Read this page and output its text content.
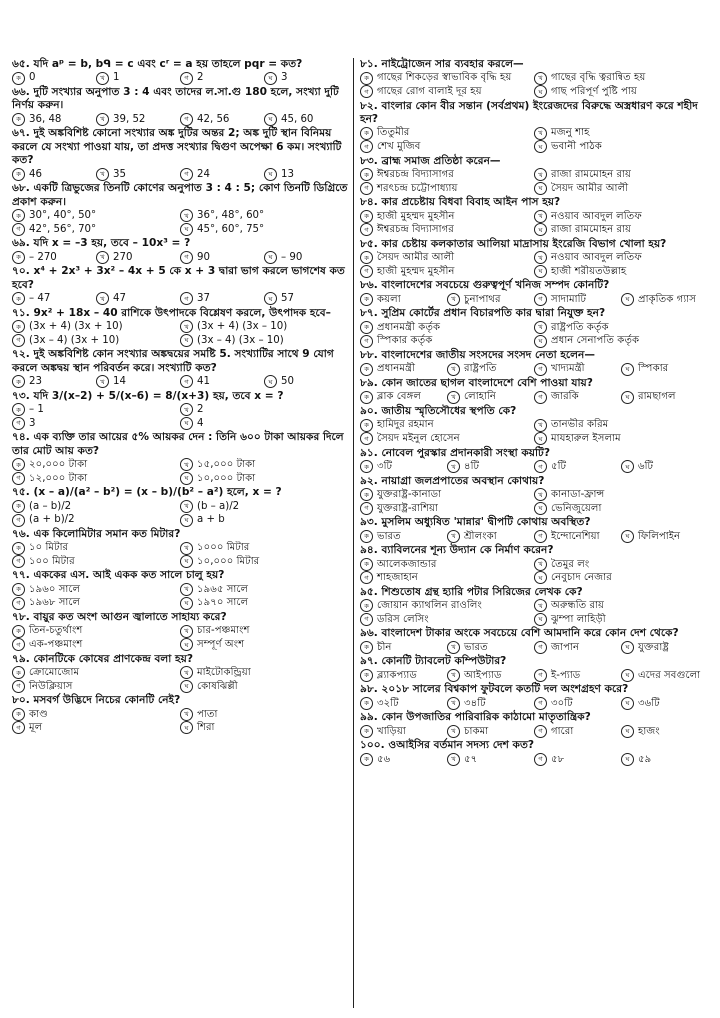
৬৫. যদি aᵖ = b, bᑫ = c এবং cʳ = a হয় তাহলে pqr = কত?
ক 0	খ 1	গ 2	ঘ 3
৬৬. দুটি সংখ্যার অনুপাত 3 : 4 এবং তাদের ল.সা.গু 180 হলে, সংখ্যা দুটি নির্ণয় করুন।
ক 36, 48	খ 39, 52	গ 42, 56	ঘ 45, 60
৬৭. দুই অঙ্কবিশিষ্ট কোনো সংখ্যার অঙ্ক দুটির অন্তর 2; অঙ্ক দুটি স্থান বিনিময় করলে যে সংখ্যা পাওয়া যায়, তা প্রদত্ত সংখ্যার দ্বিগুণ অপেক্ষা 6 কম। সংখ্যাটি কত?
ক 46	খ 35	গ 24	ঘ 13
৬৮. একটি ত্রিভুজের তিনটি কোণের অনুপাত 3 : 4 : 5; কোণ তিনটি ডিগ্রিতে প্রকাশ করুন।
ক 30°, 40°, 50°	খ 36°, 48°, 60°
গ 42°, 56°, 70°	ঘ 45°, 60°, 75°
৬৯. যদি x = –3 হয়, তবে – 10x³ = ?
ক – 270	খ 270	গ 90	ঘ – 90
৭০. x⁴ + 2x³ + 3x² – 4x + 5 কে x + 3 দ্বারা ভাগ করলে ভাগশেষ কত হবে?
ক – 47	খ 47	গ 37	ঘ 57
৭১. 9x² + 18x – 40 রাশিকে উৎপাদকে বিশ্লেষণ করলে, উৎপাদক হবে–
ক (3x + 4) (3x + 10)	খ (3x + 4) (3x – 10)
গ (3x – 4) (3x + 10)	ঘ (3x – 4) (3x – 10)
৭২. দুই অঙ্কবিশিষ্ট কোন সংখ্যার অঙ্কদ্বয়ের সমষ্টি 5. সংখ্যাটির সাথে 9 যোগ করলে অঙ্কদ্বয় স্থান পরিবর্তন করে। সংখ্যাটি কত?
ক 23	খ 14	গ 41	ঘ 50
৭৩. যদি 3/(x–2) + 5/(x–6) = 8/(x+3) হয়, তবে x = ?
ক – 1	খ 2
গ 3	ঘ 4
৭৪. এক ব্যক্তি তার আয়ের ৫% আয়কর দেন : তিনি ৬০০ টাকা আয়কর দিলে তার মোট আয় কত?
ক ২০,০০০ টাকা	খ ১৫,০০০ টাকা
গ ১২,০০০ টাকা	ঘ ১০,০০০ টাকা
৭৫. (x – a)/(a² – b²) = (x – b)/(b² – a²) হলে, x = ?
ক (a – b)/2	খ (b – a)/2
গ (a + b)/2	ঘ a + b
৭৬. এক কিলোমিটার সমান কত মিটার?
ক ১০ মিটার	খ ১০০০ মিটার
গ ১০০ মিটার	ঘ ১০,০০০ মিটার
৭৭. এককের এস. আই একক কত সালে চালু হয়?
ক ১৯৬০ সালে	খ ১৯৬৫ সালে
গ ১৯৬৮ সালে	ঘ ১৯৭০ সালে
৭৮. বায়ুর কত অংশ আগুন জ্বালাতে সাহায্য করে?
ক তিন-চতুর্থাংশ	খ চার-পঞ্চমাংশ
গ এক-পঞ্চমাংশ	ঘ সম্পূর্ণ অংশ
৭৯. কোনটিকে কোষের প্রাণকেন্দ্র বলা হয়?
ক ক্রোমোজোম	খ মাইটোকন্ড্রিয়া
গ নিউক্লিয়াস	ঘ কোষঝিল্লী
৮০. মসবর্গ উদ্ভিদে নিচের কোনটি নেই?
ক কাণ্ড	খ পাতা
গ মূল	ঘ শিরা
৮১. নাইট্রোজেন সার ব্যবহার করলে—
ক গাছের শিকড়ের স্বাভাবিক বৃদ্ধি হয়	খ গাছের বৃদ্ধি ত্বরান্বিত হয়
গ গাছের রোগ বালাই দূর হয়	ঘ গাছ পরিপূর্ণ পুষ্টি পায়
৮২. বাংলার কোন বীর সন্তান (সর্বপ্রথম) ইংরেজদের বিরুদ্ধে অস্ত্রধারণ করে শহীদ হন?
ক তিতুমীর	খ মজনু শাহ
গ শেখ মুজিব	ঘ ভবানী পাঠক
৮৩. ব্রাহ্ম সমাজ প্রতিষ্ঠা করেন—
ক ঈশ্বরচন্দ্র বিদ্যাসাগর	খ রাজা রামমোহন রায়
গ শরৎচন্দ্র চট্টোপাধ্যায়	ঘ সৈয়দ আমীর আলী
৮৪. কার প্রচেষ্টায় বিধবা বিবাহ আইন পাস হয়?
ক হাজী মুহম্মদ মুহসীন	খ নওয়াব আবদুল লতিফ
গ ঈশ্বরচন্দ্র বিদ্যাসাগর	ঘ রাজা রামমোহন রায়
৮৫. কার চেষ্টায় কলকাতার আলিয়া মাদ্রাসায় ইংরেজি বিভাগ খোলা হয়?
ক সৈয়দ আমীর আলী	খ নওয়াব আবদুল লতিফ
গ হাজী মুহম্মদ মুহসীন	ঘ হাজী শরীয়তউল্লাহ
৮৬. বাংলাদেশের সবচেয়ে গুরুত্বপূর্ণ খনিজ সম্পদ কোনটি?
ক কয়লা	খ চুনাপাথর	গ সাদামাটি	ঘ প্রাকৃতিক গ্যাস
৮৭. সুপ্রিম কোর্টের প্রধান বিচারপতি কার দ্বারা নিযুক্ত হন?
ক প্রধানমন্ত্রী কর্তৃক	খ রাষ্ট্রপতি কর্তৃক
গ স্পিকার কর্তৃক	ঘ প্রধান সেনাপতি কর্তৃক
৮৮. বাংলাদেশের জাতীয় সংসদের সংসদ নেতা হলেন—
ক প্রধানমন্ত্রী	খ রাষ্ট্রপতি	গ খাদ্যমন্ত্রী	ঘ স্পিকার
৮৯. কোন জাতের ছাগল বাংলাদেশে বেশি পাওয়া যায়?
ক ব্লাক বেঙ্গল	খ লোহানি	গ জারকি	ঘ রামছাগল
৯০. জাতীয় স্মৃতিসৌধের স্থপতি কে?
ক হামিদুর রহমান	খ তানভীর করিম
গ সৈয়দ মইনুল হোসেন	ঘ মাযহারুল ইসলাম
৯১. নোবেল পুরস্কার প্রদানকারী সংস্থা কয়টি?
ক ৩টি	খ ৪টি	গ ৫টি	ঘ ৬টি
৯২. নায়াগ্রা জলপ্রপাতের অবস্থান কোথায়?
ক যুক্তরাষ্ট্র-কানাডা	খ কানাডা-ফ্রান্স
গ যুক্তরাষ্ট্র-রাশিয়া	ঘ ভেনিজুয়েলা
৯৩. মুসলিম অধ্যুষিত 'মান্নার' দ্বীপটি কোথায় অবস্থিত?
ক ভারত	খ শ্রীলংকা	গ ইন্দোনেশিয়া	ঘ ফিলিপাইন
৯৪. ব্যাবিলনের শূন্য উদ্যান কে নির্মাণ করেন?
ক আলেকজান্ডার	খ তৈমুর লং
গ শাহজাহান	ঘ নেবুচাদ নেজার
৯৫. শিশুতোষ গ্রন্থ হ্যারি পটার সিরিজের লেখক কে?
ক জোয়ান ক্যাথলিন রাওলিং	খ অরুন্ধতি রায়
গ ডরিস লেসিং	ঘ ঝুম্পা লাহিড়ী
৯৬. বাংলাদেশ টাকার অংকে সবচেয়ে বেশি আমদানি করে কোন দেশ থেকে?
ক চীন	খ ভারত	গ জাপান	ঘ যুক্তরাষ্ট্র
৯৭. কোনটি ট্যাবলেট কম্পিউটার?
ক ব্ল্যাকপ্যাড	খ আইপ্যাড	গ ই-প্যাড	ঘ এদের সবগুলো
৯৮. ২০১৮ সালের বিশ্বকাপ ফুটবলে কতটি দল অংশগ্রহণ করে?
ক ৩২টি	খ ৩৪টি	গ ৩০টি	ঘ ৩৬টি
৯৯. কোন উপজাতির পারিবারিক কাঠামো মাতৃতান্ত্রিক?
ক খাড়িয়া	খ চাকমা	গ গারো	ঘ হাজং
১০০. ওআইসির বর্তমান সদস্য দেশ কত?
ক ৫৬	খ ৫৭	গ ৫৮	ঘ ৫৯
